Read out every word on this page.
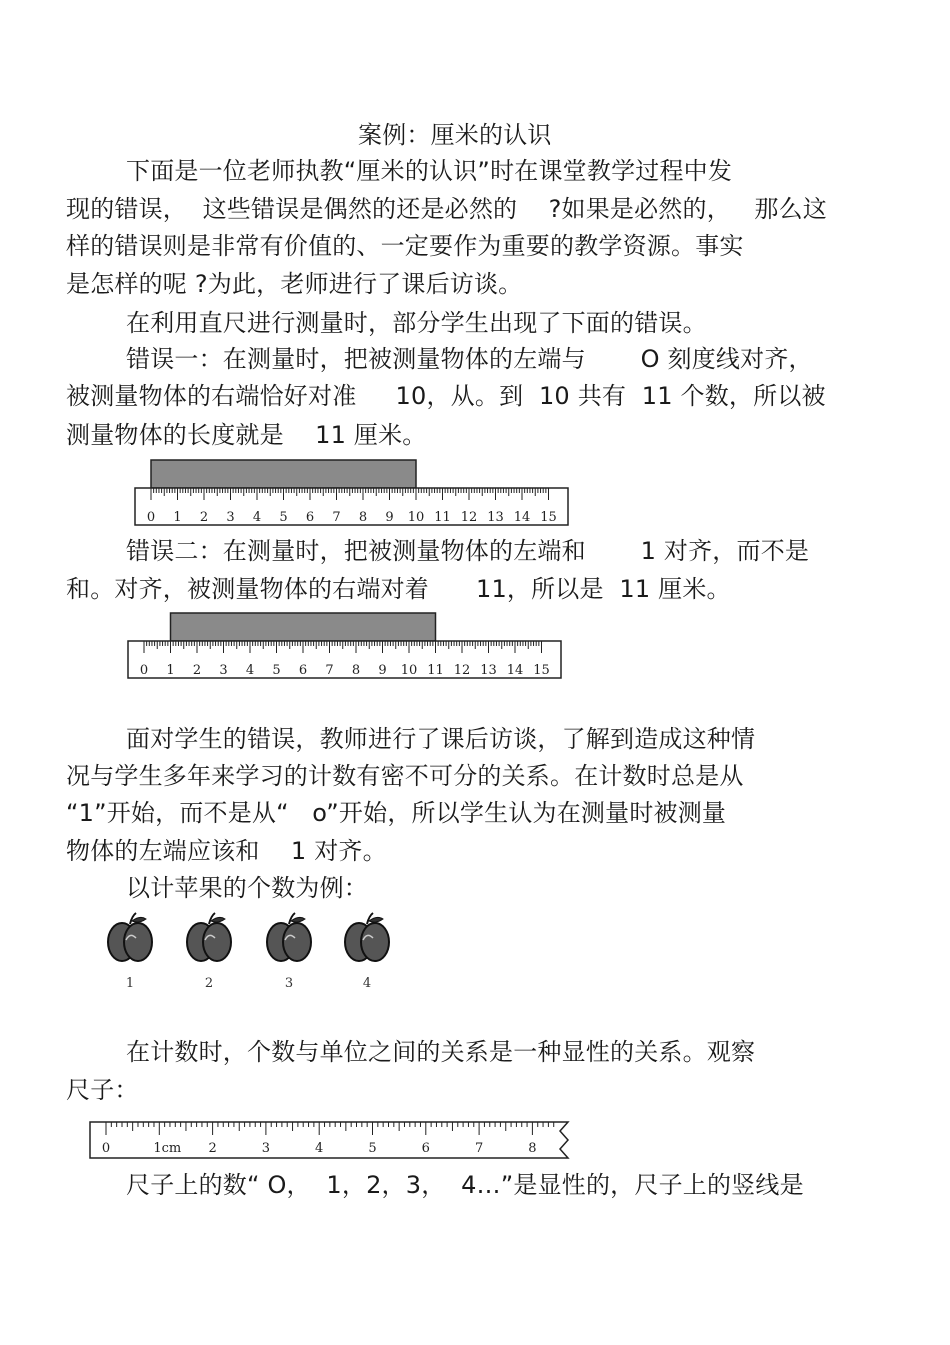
案例：厘米的认识
下面是一位老师执教“厘米的认识”时在课堂教学过程中发
现的错误，  这些错误是偶然的还是必然的    ?如果是必然的，   那么这
样的错误则是非常有价值的、一定要作为重要的教学资源。事实
是怎样的呢 ?为此，老师进行了课后访谈。
在利用直尺进行测量时，部分学生出现了下面的错误。
错误一：在测量时，把被测量物体的左端与       O 刻度线对齐，
被测量物体的右端恰好对准     10，从。到  10 共有  11 个数，所以被
测量物体的长度就是    11 厘米。
0 1 2 3 4 5 6 7 8 9 10 11 12 13 14 15
错误二：在测量时，把被测量物体的左端和       1 对齐，而不是
和。对齐，被测量物体的右端对着      11，所以是  11 厘米。
0 1 2 3 4 5 6 7 8 9 10 11 12 13 14 15
面对学生的错误，教师进行了课后访谈，了解到造成这种情
况与学生多年来学习的计数有密不可分的关系。在计数时总是从
“1”开始，而不是从“   o”开始，所以学生认为在测量时被测量
物体的左端应该和    1 对齐。
以计苹果的个数为例：
1	2	3	4
在计数时，个数与单位之间的关系是一种显性的关系。观察
尺子：
0	1cm 2	3	4	5	6	7	8
尺子上的数“ O，  1，2，3，  4…”是显性的，尺子上的竖线是
